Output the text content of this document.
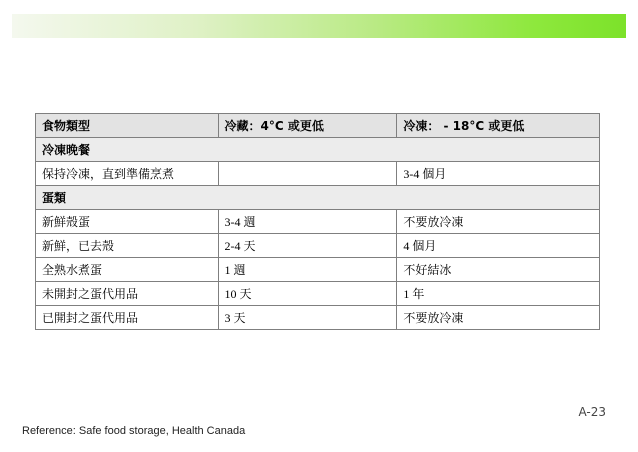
食物類型	冷藏：4°C 或更低	冷凍： - 18°C 或更低
冷凍晚餐		
保持冷凍，直到準備烹煮		3-4 個月
蛋類		
新鮮殼蛋	3-4 週	不要放冷凍
新鮮，已去殼	2-4 天	4 個月
全熟水煮蛋	1 週	不好結冰
未開封之蛋代用品	10 天	1 年
已開封之蛋代用品	3 天	不要放冷凍
A-23
Reference: Safe food storage, Health Canada
